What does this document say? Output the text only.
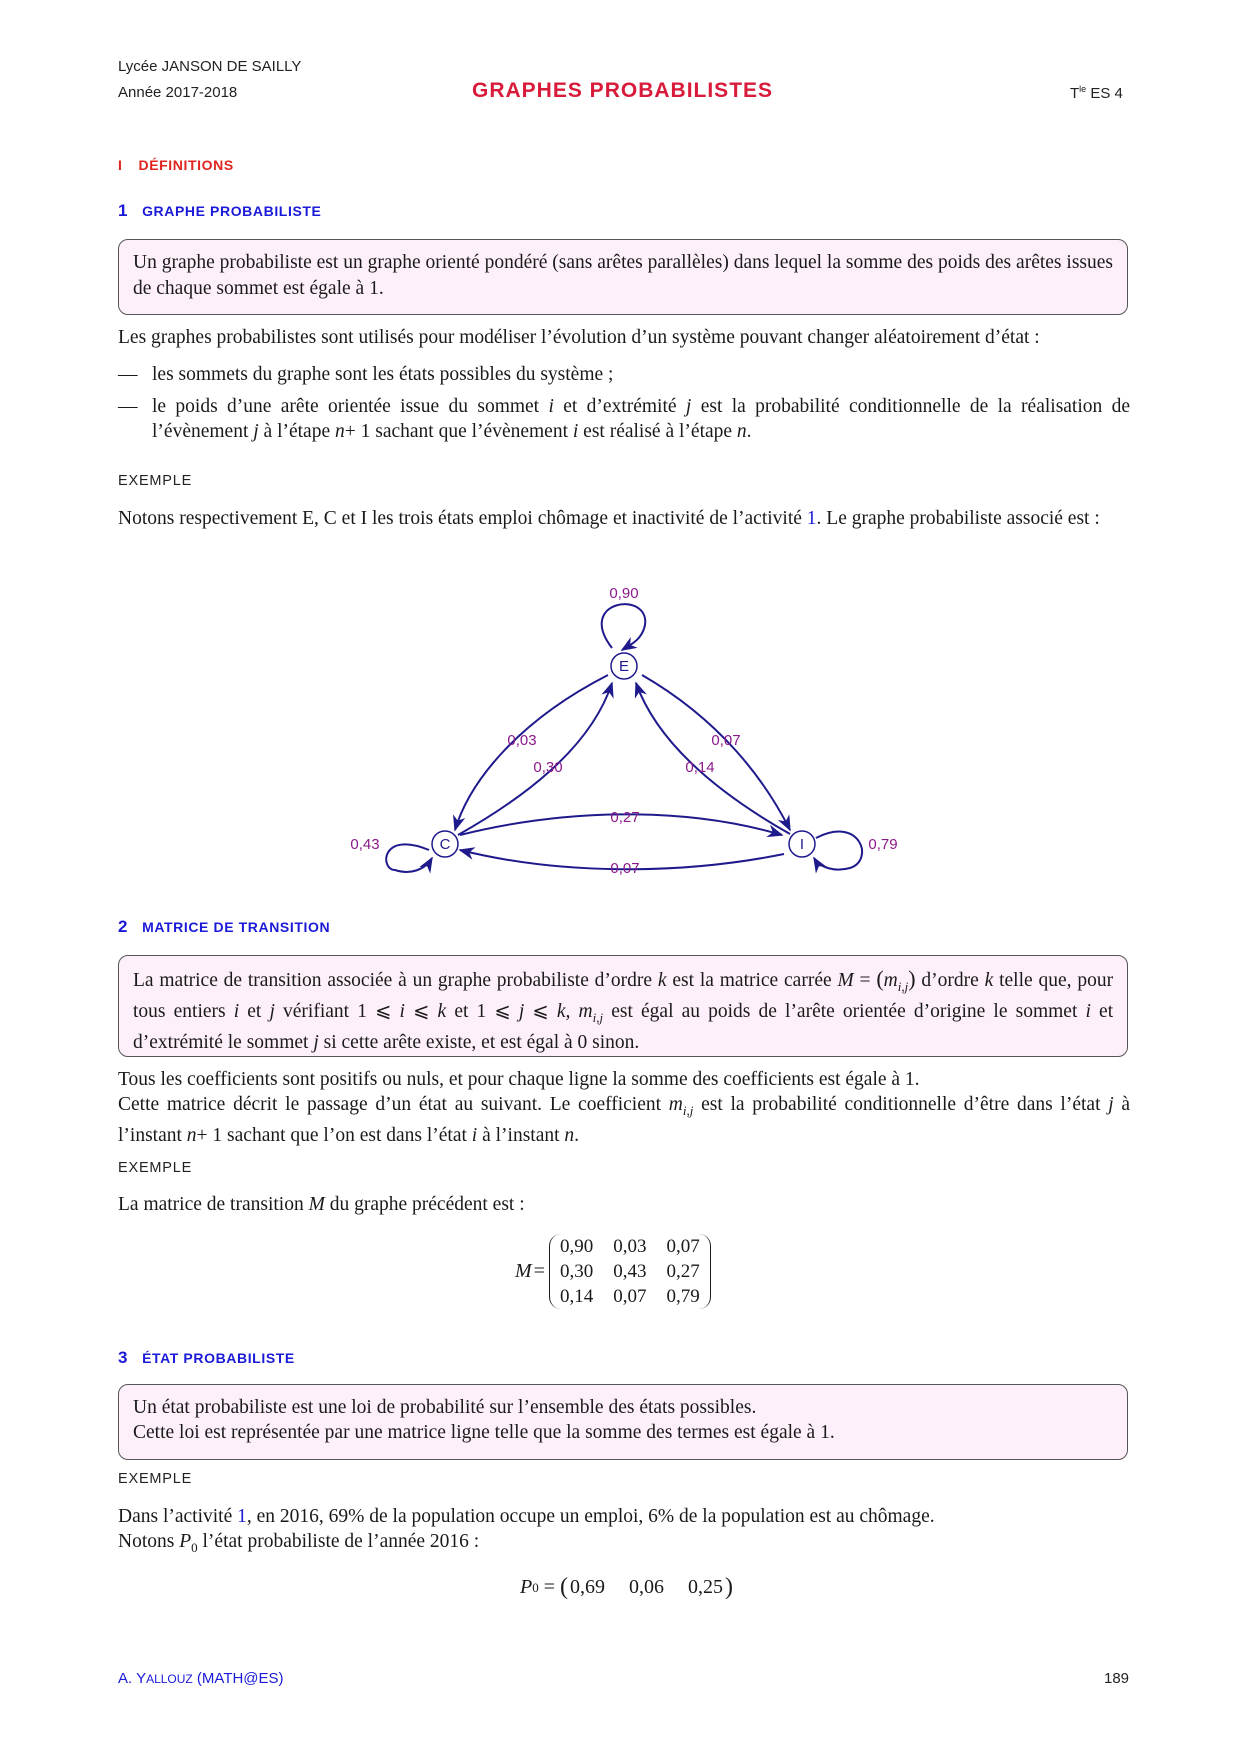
Lycée JANSON DE SAILLY
Année 2017-2018	GRAPHES PROBABILISTES	$T^{le}$ ES 4
I DÉFINITIONS
1 GRAPHE PROBABILISTE
Un graphe probabiliste est un graphe orienté pondéré (sans arêtes parallèles) dans lequel la somme des poids des arêtes issues de chaque sommet est égale à 1.
Les graphes probabilistes sont utilisés pour modéliser l’évolution d’un système pouvant changer aléatoirement d’état :
— les sommets du graphe sont les états possibles du système ;
— le poids d’une arête orientée issue du sommet i et d’extrémité j est la probabilité conditionnelle de la réalisation de l’évènement j à l’étape n+ 1 sachant que l’évènement i est réalisé à l’étape n.
EXEMPLE
Notons respectivement E, C et I les trois états emploi chômage et inactivité de l’activité 1. Le graphe probabiliste associé est :
E
C	I
0,90
0,03
0,30
0,07
0,14
0,27
0,07
0,43	0,79
2 MATRICE DE TRANSITION
La matrice de transition associée à un graphe probabiliste d’ordre k est la matrice carrée $M = (m_{i,j})$ d’ordre k telle que, pour tous entiers i et j vérifiant 1 ⩽ i ⩽ k et 1 ⩽ j ⩽ k, $m_{i,j}$ est égal au poids de l’arête orientée d’origine le sommet i et d’extrémité le sommet j si cette arête existe, et est égal à 0 sinon.
Tous les coefficients sont positifs ou nuls, et pour chaque ligne la somme des coefficients est égale à 1.
Cette matrice décrit le passage d’un état au suivant. Le coefficient $m_{i,j}$ est la probabilité conditionnelle d’être dans l’état j à l’instant n+ 1 sachant que l’on est dans l’état i à l’instant n.
EXEMPLE
La matrice de transition M du graphe précédent est :
M =
0,90	0,03	0,07
0,30	0,43	0,27
0,14	0,07	0,79
3 ÉTAT PROBABILISTE
Un état probabiliste est une loi de probabilité sur l’ensemble des états possibles.
Cette loi est représentée par une matrice ligne telle que la somme des termes est égale à 1.
EXEMPLE
Dans l’activité 1, en 2016, 69% de la population occupe un emploi, 6% de la population est au chômage.
Notons $P_0$ l’état probabiliste de l’année 2016 :
P 0 = ( 0,69 0,06 0,25 )
A. YALLOUZ (MATH@ES)	189
